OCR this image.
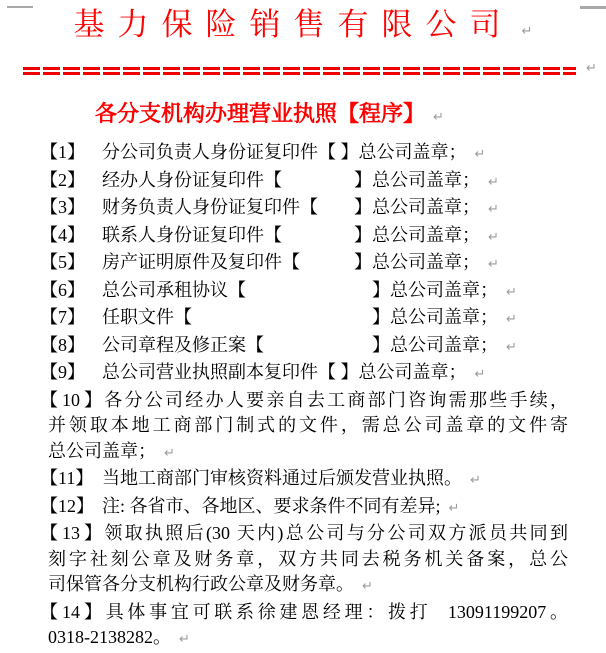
基力保险销售有限公司 ↵
↵
各分支机构办理营业执照【程序】 ↵
【1】 分公司负责人身份证复印件【 】总公司盖章； ↵
【2】 经办人身份证复印件【　　　　】总公司盖章； ↵
【3】 财务负责人身份证复印件【　　】总公司盖章； ↵
【4】 联系人身份证复印件【　　　　】总公司盖章； ↵
【5】 房产证明原件及复印件【　　　】总公司盖章； ↵
【6】 总公司承租协议【　　　　　　　】总公司盖章； ↵
【7】 任职文件【　　　　　　　　　　】总公司盖章； ↵
【8】 公司章程及修正案【　　　　　　】总公司盖章； ↵
【9】 总公司营业执照副本复印件【 】总公司盖章； ↵
【10】各分公司经办人要亲自去工商部门咨询需那些手续，
并领取本地工商部门制式的文件，需总公司盖章的文件寄
总公司盖章； ↵
【11】 当地工商部门审核资料通过后颁发营业执照。 ↵
【12】 注: 各省市、各地区、要求条件不同有差异; ↵
【13】领取执照后(30 天内)总公司与分公司双方派员共同到
刻字社刻公章及财务章，双方共同去税务机关备案，总公
司保管各分支机构行政公章及财务章。 ↵
【14】具体事宜可联系徐建恩经理：拨打  13091199207。
0318-2138282。 ↵
